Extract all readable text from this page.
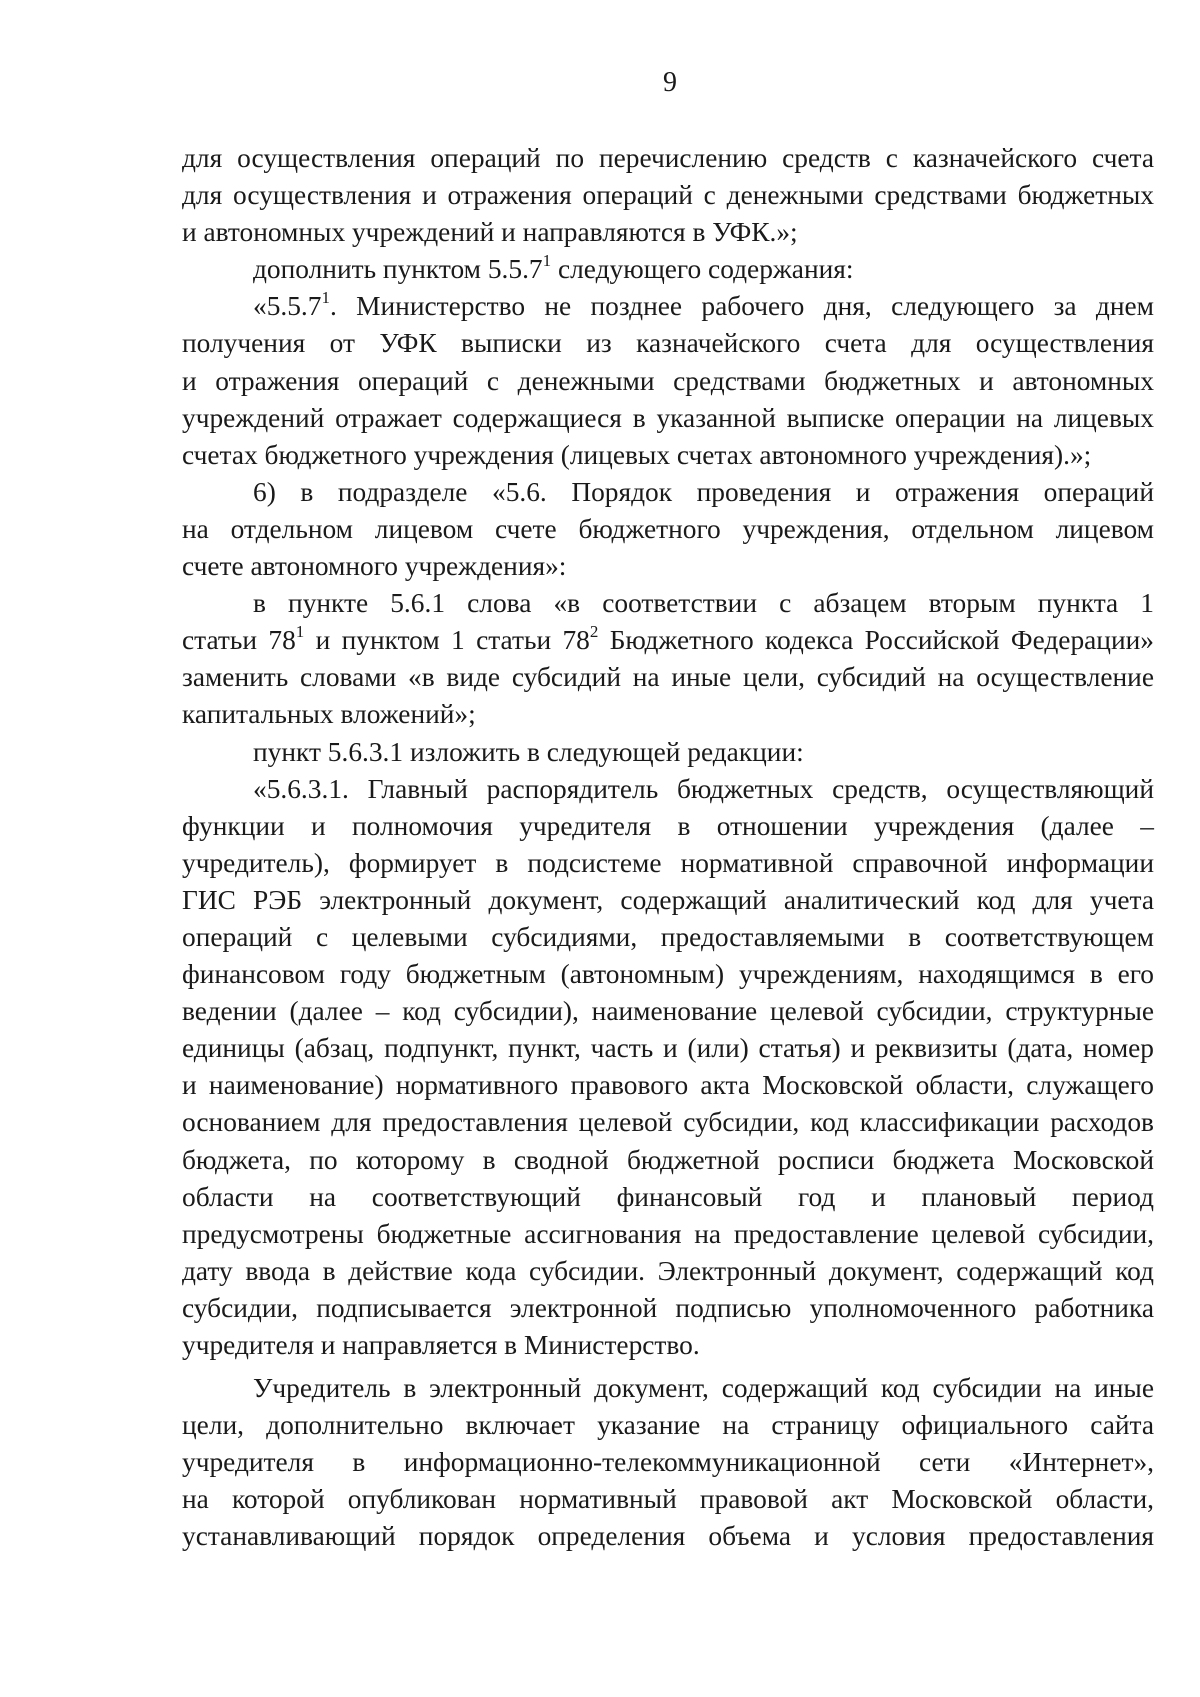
9
для осуществления операций по перечислению средств с казначейского счета
для осуществления и отражения операций с денежными средствами бюджетных
и автономных учреждений и направляются в УФК.»;
дополнить пунктом 5.5.7$^1$ следующего содержания:
«5.5.7$^1$. Министерство не позднее рабочего дня, следующего за днем
получения от УФК выписки из казначейского счета для осуществления
и отражения операций с денежными средствами бюджетных и автономных
учреждений отражает содержащиеся в указанной выписке операции на лицевых
счетах бюджетного учреждения (лицевых счетах автономного учреждения).»;
6) в подразделе «5.6. Порядок проведения и отражения операций
на отдельном лицевом счете бюджетного учреждения, отдельном лицевом
счете автономного учреждения»:
в пункте 5.6.1 слова «в соответствии с абзацем вторым пункта 1
статьи $78^1$ и пунктом 1 статьи $78^2$ Бюджетного кодекса Российской Федерации»
заменить словами «в виде субсидий на иные цели, субсидий на осуществление
капитальных вложений»;
пункт 5.6.3.1 изложить в следующей редакции:
«5.6.3.1. Главный распорядитель бюджетных средств, осуществляющий
функции и полномочия учредителя в отношении учреждения (далее –
учредитель), формирует в подсистеме нормативной справочной информации
ГИС РЭБ электронный документ, содержащий аналитический код для учета
операций с целевыми субсидиями, предоставляемыми в соответствующем
финансовом году бюджетным (автономным) учреждениям, находящимся в его
ведении (далее – код субсидии), наименование целевой субсидии, структурные
единицы (абзац, подпункт, пункт, часть и (или) статья) и реквизиты (дата, номер
и наименование) нормативного правового акта Московской области, служащего
основанием для предоставления целевой субсидии, код классификации расходов
бюджета, по которому в сводной бюджетной росписи бюджета Московской
области на соответствующий финансовый год и плановый период
предусмотрены бюджетные ассигнования на предоставление целевой субсидии,
дату ввода в действие кода субсидии. Электронный документ, содержащий код
субсидии, подписывается электронной подписью уполномоченного работника
учредителя и направляется в Министерство.
Учредитель в электронный документ, содержащий код субсидии на иные
цели, дополнительно включает указание на страницу официального сайта
учредителя в информационно-телекоммуникационной сети «Интернет»,
на которой опубликован нормативный правовой акт Московской области,
устанавливающий порядок определения объема и условия предоставления
